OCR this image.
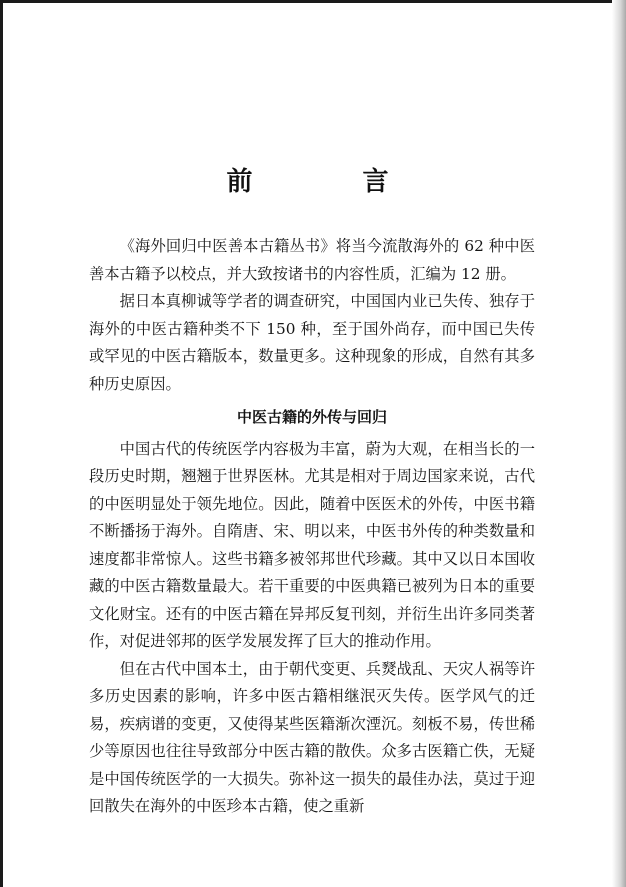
前　言

《海外回归中医善本古籍丛书》将当今流散海外的 62 种中医善本古籍予以校点，并大致按诸书的内容性质，汇编为 12 册。

据日本真柳诚等学者的调查研究，中国国内业已失传、独存于海外的中医古籍种类不下 150 种，至于国外尚存，而中国已失传或罕见的中医古籍版本，数量更多。这种现象的形成，自然有其多种历史原因。

中医古籍的外传与回归

中国古代的传统医学内容极为丰富，蔚为大观，在相当长的一段历史时期，翘翘于世界医林。尤其是相对于周边国家来说，古代的中医明显处于领先地位。因此，随着中医医术的外传，中医书籍不断播扬于海外。自隋唐、宋、明以来，中医书外传的种类数量和速度都非常惊人。这些书籍多被邻邦世代珍藏。其中又以日本国收藏的中医古籍数量最大。若干重要的中医典籍已被列为日本的重要文化财宝。还有的中医古籍在异邦反复刊刻，并衍生出许多同类著作，对促进邻邦的医学发展发挥了巨大的推动作用。

但在古代中国本土，由于朝代变更、兵燹战乱、天灾人祸等许多历史因素的影响，许多中医古籍相继泯灭失传。医学风气的迁易，疾病谱的变更，又使得某些医籍渐次湮沉。刻板不易，传世稀少等原因也往往导致部分中医古籍的散佚。众多古医籍亡佚，无疑是中国传统医学的一大损失。弥补这一损失的最佳办法，莫过于迎回散失在海外的中医珍本古籍，使之重新
